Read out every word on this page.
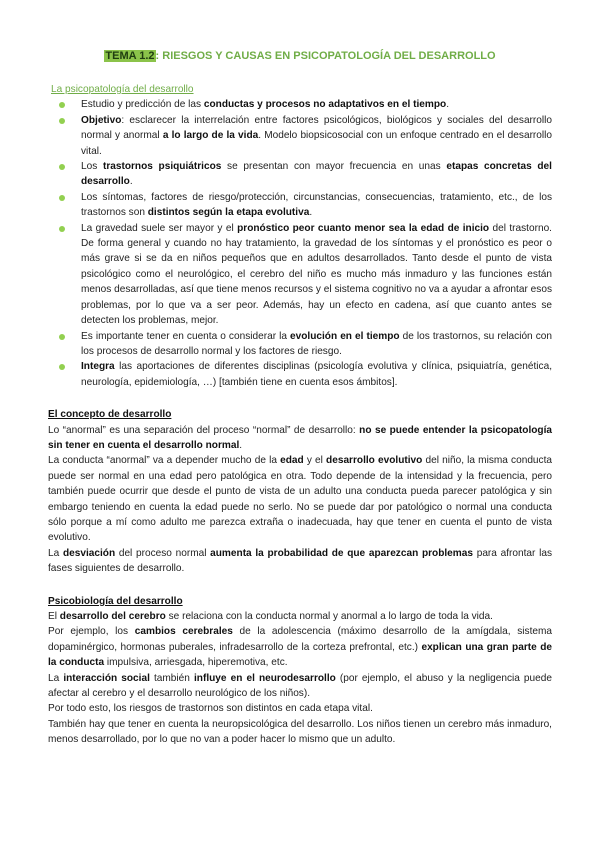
TEMA 1.2: RIESGOS Y CAUSAS EN PSICOPATOLOGÍA DEL DESARROLLO
La psicopatología del desarrollo
Estudio y predicción de las conductas y procesos no adaptativos en el tiempo.
Objetivo: esclarecer la interrelación entre factores psicológicos, biológicos y sociales del desarrollo normal y anormal a lo largo de la vida. Modelo biopsicosocial con un enfoque centrado en el desarrollo vital.
Los trastornos psiquiátricos se presentan con mayor frecuencia en unas etapas concretas del desarrollo.
Los síntomas, factores de riesgo/protección, circunstancias, consecuencias, tratamiento, etc., de los trastornos son distintos según la etapa evolutiva.
La gravedad suele ser mayor y el pronóstico peor cuanto menor sea la edad de inicio del trastorno. De forma general y cuando no hay tratamiento, la gravedad de los síntomas y el pronóstico es peor o más grave si se da en niños pequeños que en adultos desarrollados. Tanto desde el punto de vista psicológico como el neurológico, el cerebro del niño es mucho más inmaduro y las funciones están menos desarrolladas, así que tiene menos recursos y el sistema cognitivo no va a ayudar a afrontar esos problemas, por lo que va a ser peor. Además, hay un efecto en cadena, así que cuanto antes se detecten los problemas, mejor.
Es importante tener en cuenta o considerar la evolución en el tiempo de los trastornos, su relación con los procesos de desarrollo normal y los factores de riesgo.
Integra las aportaciones de diferentes disciplinas (psicología evolutiva y clínica, psiquiatría, genética, neurología, epidemiología, …) [también tiene en cuenta esos ámbitos].
El concepto de desarrollo

Lo “anormal” es una separación del proceso “normal” de desarrollo: no se puede entender la psicopatología sin tener en cuenta el desarrollo normal.

La conducta “anormal” va a depender mucho de la edad y el desarrollo evolutivo del niño, la misma conducta puede ser normal en una edad pero patológica en otra. Todo depende de la intensidad y la frecuencia, pero también puede ocurrir que desde el punto de vista de un adulto una conducta pueda parecer patológica y sin embargo teniendo en cuenta la edad puede no serlo. No se puede dar por patológico o normal una conducta sólo porque a mí como adulto me parezca extraña o inadecuada, hay que tener en cuenta el punto de vista evolutivo.

La desviación del proceso normal aumenta la probabilidad de que aparezcan problemas para afrontar las fases siguientes de desarrollo.

Psicobiología del desarrollo

El desarrollo del cerebro se relaciona con la conducta normal y anormal a lo largo de toda la vida.

Por ejemplo, los cambios cerebrales de la adolescencia (máximo desarrollo de la amígdala, sistema dopaminérgico, hormonas puberales, infradesarrollo de la corteza prefrontal, etc.) explican una gran parte de la conducta impulsiva, arriesgada, hiperemotiva, etc.

La interacción social también influye en el neurodesarrollo (por ejemplo, el abuso y la negligencia puede afectar al cerebro y el desarrollo neurológico de los niños).

Por todo esto, los riesgos de trastornos son distintos en cada etapa vital.

También hay que tener en cuenta la neuropsicológica del desarrollo. Los niños tienen un cerebro más inmaduro, menos desarrollado, por lo que no van a poder hacer lo mismo que un adulto.
